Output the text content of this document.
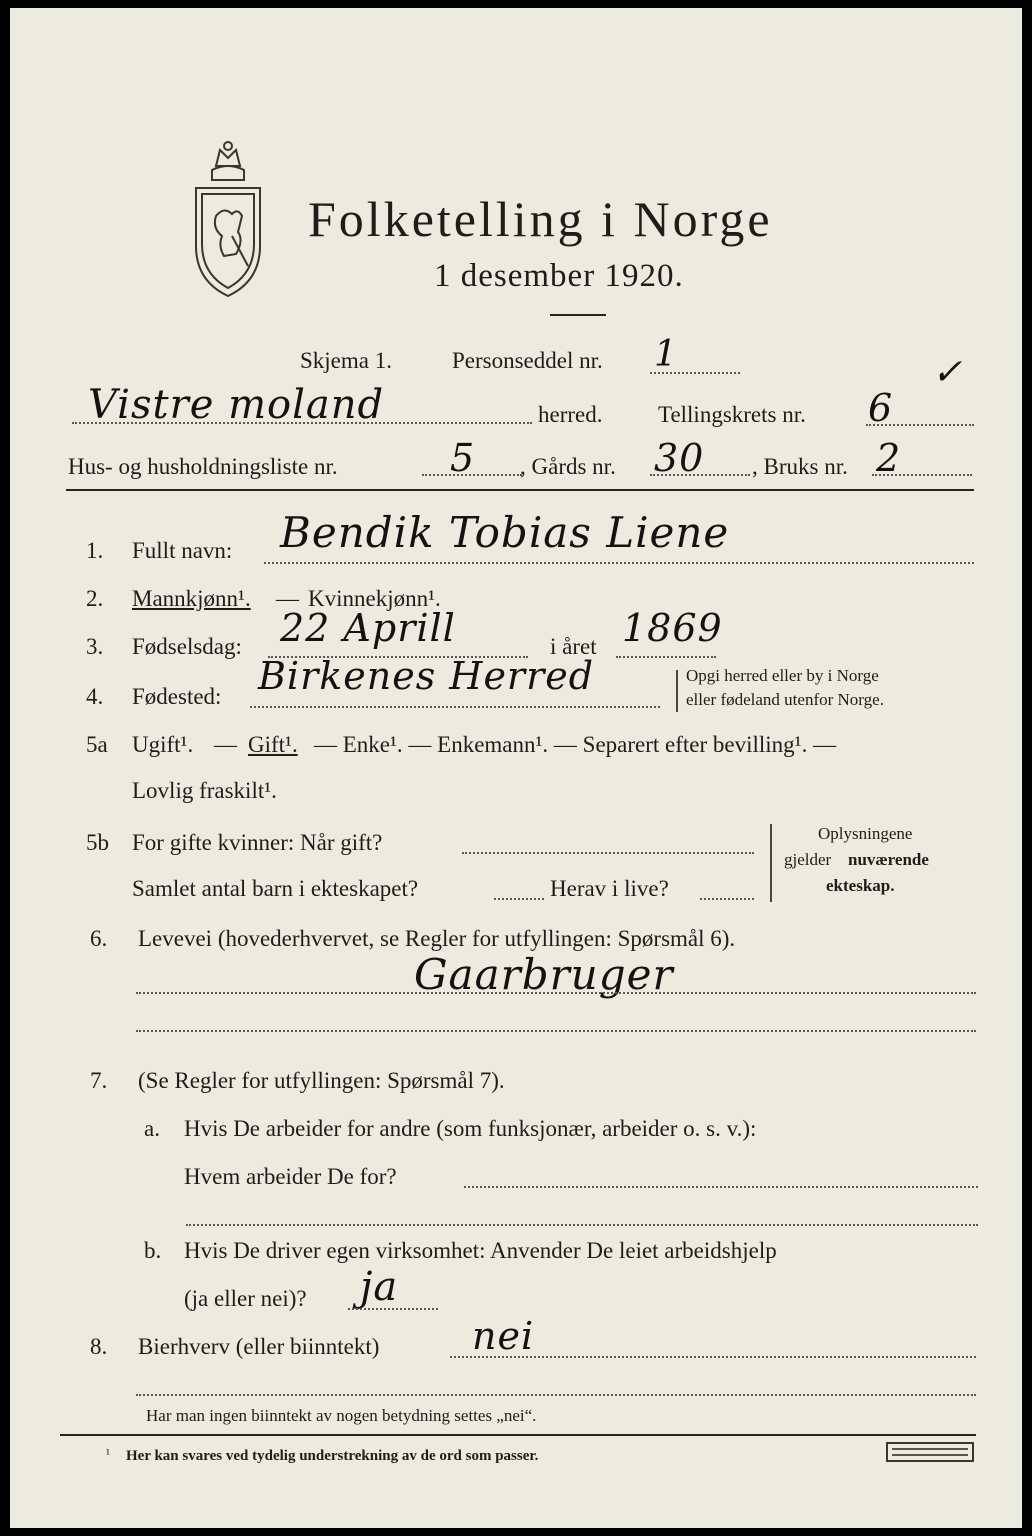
Folketelling i Norge
1 desember 1920.
Skjema 1.	Personseddel nr. 1	✓
Vistre moland	herred. Tellingskrets nr. 6
Hus- og husholdningsliste nr.	5 , Gårds nr. 30 , Bruks nr. 2
1. Fullt navn: Bendik Tobias Liene
2. Mannkjønn¹. — Kvinnekjønn¹.
3. Fødselsdag: 22 Aprill	i året 1869
4. Fødested: Birkenes Herred	Opgi herred eller by i Norge
eller fødeland utenfor Norge.
5a Ugift¹. — Gift¹. — Enke¹. — Enkemann¹. — Separert efter bevilling¹. —
Lovlig fraskilt¹.
5b For gifte kvinner: Når gift?
Samlet antal barn i ekteskapet?	Herav i live?
Oplysningene
gjelder nuværende
ekteskap.
6. Levevei (hovederhvervet, se Regler for utfyllingen: Spørsmål 6).
Gaarbruger
7. (Se Regler for utfyllingen: Spørsmål 7).
a. Hvis De arbeider for andre (som funksjonær, arbeider o. s. v.):
Hvem arbeider De for?
b. Hvis De driver egen virksomhet: Anvender De leiet arbeidshjelp
(ja eller nei)? ja
8. Bierhverv (eller biinntekt) nei
Har man ingen biinntekt av nogen betydning settes „nei“.
¹ Her kan svares ved tydelig understrekning av de ord som passer.
